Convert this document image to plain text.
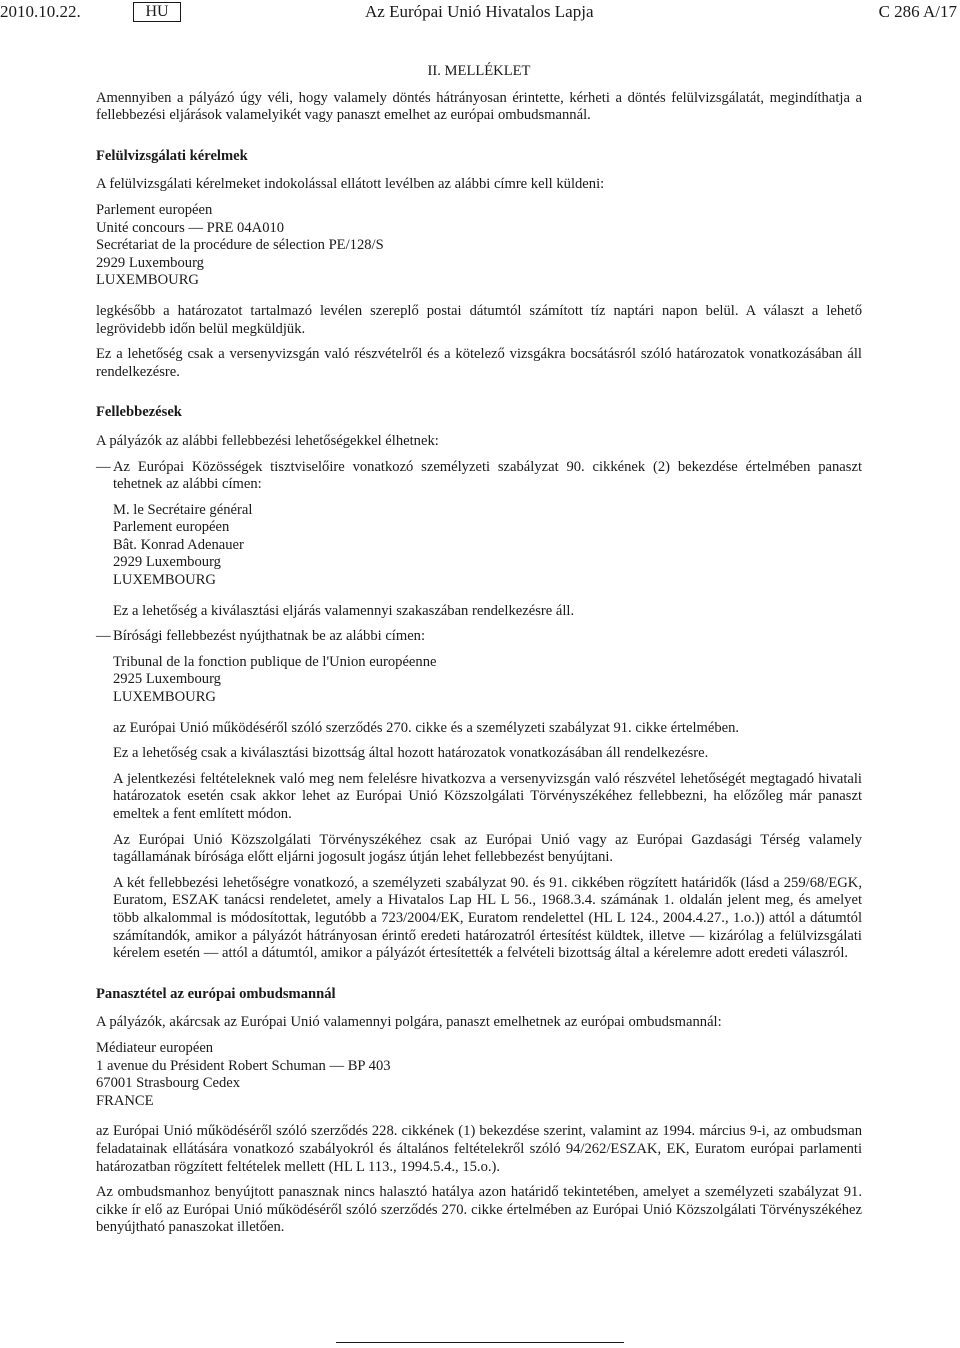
2010.10.22.	HU	Az Európai Unió Hivatalos Lapja	C 286 A/17
II. MELLÉKLET

Amennyiben a pályázó úgy véli, hogy valamely döntés hátrányosan érintette, kérheti a döntés felülvizsgálatát, megindíthatja a fellebbezési eljárások valamelyikét vagy panaszt emelhet az európai ombudsmannál.

Felülvizsgálati kérelmek

A felülvizsgálati kérelmeket indokolással ellátott levélben az alábbi címre kell küldeni:

Parlement européen
Unité concours — PRE 04A010
Secrétariat de la procédure de sélection PE/128/S
2929 Luxembourg
LUXEMBOURG

legkésőbb a határozatot tartalmazó levélen szereplő postai dátumtól számított tíz naptári napon belül. A választ a lehető legrövidebb időn belül megküldjük.

Ez a lehetőség csak a versenyvizsgán való részvételről és a kötelező vizsgákra bocsátásról szóló határozatok vonatkozásában áll rendelkezésre.

Fellebbezések

A pályázók az alábbi fellebbezési lehetőségekkel élhetnek:

— Az Európai Közösségek tisztviselőire vonatkozó személyzeti szabályzat 90. cikkének (2) bekezdése értelmében panaszt tehetnek az alábbi címen:
M. le Secrétaire général
Parlement européen
Bât. Konrad Adenauer
2929 Luxembourg
LUXEMBOURG

Ez a lehetőség a kiválasztási eljárás valamennyi szakaszában rendelkezésre áll.

— Bírósági fellebbezést nyújthatnak be az alábbi címen:
Tribunal de la fonction publique de l'Union européenne
2925 Luxembourg
LUXEMBOURG

az Európai Unió működéséről szóló szerződés 270. cikke és a személyzeti szabályzat 91. cikke értelmében.

Ez a lehetőség csak a kiválasztási bizottság által hozott határozatok vonatkozásában áll rendelkezésre.

A jelentkezési feltételeknek való meg nem felelésre hivatkozva a versenyvizsgán való részvétel lehetőségét megtagadó hivatali határozatok esetén csak akkor lehet az Európai Unió Közszolgálati Törvényszékéhez fellebbezni, ha előzőleg már panaszt emeltek a fent említett módon.

Az Európai Unió Közszolgálati Törvényszékéhez csak az Európai Unió vagy az Európai Gazdasági Térség valamely tagállamának bírósága előtt eljárni jogosult jogász útján lehet fellebbezést benyújtani.

A két fellebbezési lehetőségre vonatkozó, a személyzeti szabályzat 90. és 91. cikkében rögzített határidők (lásd a 259/68/EGK, Euratom, ESZAK tanácsi rendeletet, amely a Hivatalos Lap HL L 56., 1968.3.4. számának 1. oldalán jelent meg, és amelyet több alkalommal is módosítottak, legutóbb a 723/2004/EK, Euratom rendelettel (HL L 124., 2004.4.27., 1.o.)) attól a dátumtól számítandók, amikor a pályázót hátrányosan érintő eredeti határozatról értesítést küldtek, illetve — kizárólag a felülvizsgálati kérelem esetén — attól a dátumtól, amikor a pályázót értesítették a felvételi bizottság által a kérelemre adott eredeti válaszról.

Panasztétel az európai ombudsmannál

A pályázók, akárcsak az Európai Unió valamennyi polgára, panaszt emelhetnek az európai ombudsmannál:

Médiateur européen
1 avenue du Président Robert Schuman — BP 403
67001 Strasbourg Cedex
FRANCE

az Európai Unió működéséről szóló szerződés 228. cikkének (1) bekezdése szerint, valamint az 1994. március 9-i, az ombudsman feladatainak ellátására vonatkozó szabályokról és általános feltételekről szóló 94/262/ESZAK, EK, Euratom európai parlamenti határozatban rögzített feltételek mellett (HL L 113., 1994.5.4., 15.o.).

Az ombudsmanhoz benyújtott panasznak nincs halasztó hatálya azon határidő tekintetében, amelyet a személyzeti szabályzat 91. cikke ír elő az Európai Unió működéséről szóló szerződés 270. cikke értelmében az Európai Unió Közszolgálati Törvényszékéhez benyújtható panaszokat illetően.
